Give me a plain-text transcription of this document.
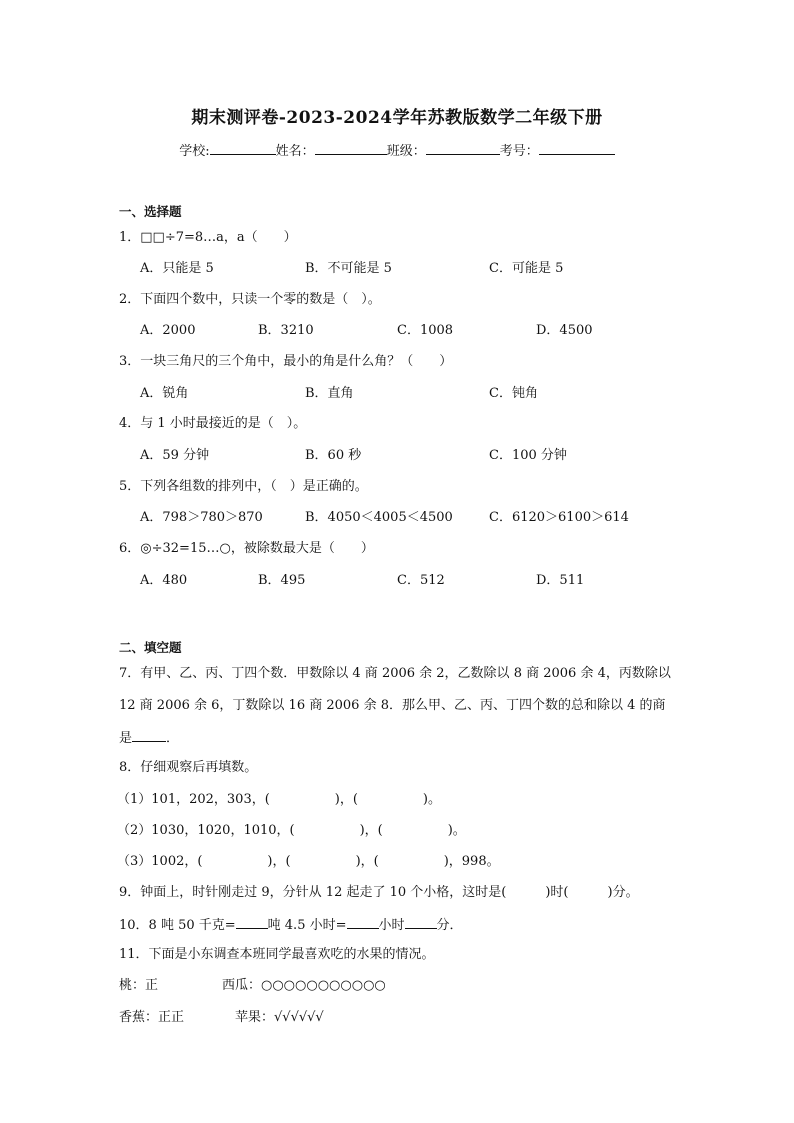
期末测评卷-2023-2024学年苏教版数学二年级下册
学校:	姓名：	班级：	考号：
一、选择题
1．□□÷7=8…a，a（　　）
A．只能是 5	B．不可能是 5	C．可能是 5
2．下面四个数中，只读一个零的数是（　）。
A．2000	B．3210	C．1008	D．4500
3．一块三角尺的三个角中，最小的角是什么角？（　　）
A．锐角	B．直角	C．钝角
4．与 1 小时最接近的是（　）。
A．59 分钟	B．60 秒	C．100 分钟
5．下列各组数的排列中，（　）是正确的。
A．798＞780＞870	B．4050＜4005＜4500	C．6120＞6100＞614
6．◎÷32=15…○，被除数最大是（　　）
A．480	B．495	C．512	D．511
二、填空题
7．有甲、乙、丙、丁四个数．甲数除以 4 商 2006 余 2，乙数除以 8 商 2006 余 4，丙数除以
12 商 2006 余 6，丁数除以 16 商 2006 余 8．那么甲、乙、丙、丁四个数的总和除以 4 的商
是	．
8．仔细观察后再填数。
（1）101，202，303，(　　　　　)，(　　　　　)。
（2）1030，1020，1010，(　　　　　)，(　　　　　)。
（3）1002，(　　　　　)，(　　　　　)，(　　　　　)，998。
9．钟面上，时针刚走过 9，分针从 12 起走了 10 个小格，这时是(　　　)时(　　　)分。
10．8 吨 50 千克= 吨 4.5 小时= 小时 分．
11．下面是小东调查本班同学最喜欢吃的水果的情况。
桃：正	西瓜：○○○○○○○○○○○
香蕉：正正	苹果：√√√√√√
